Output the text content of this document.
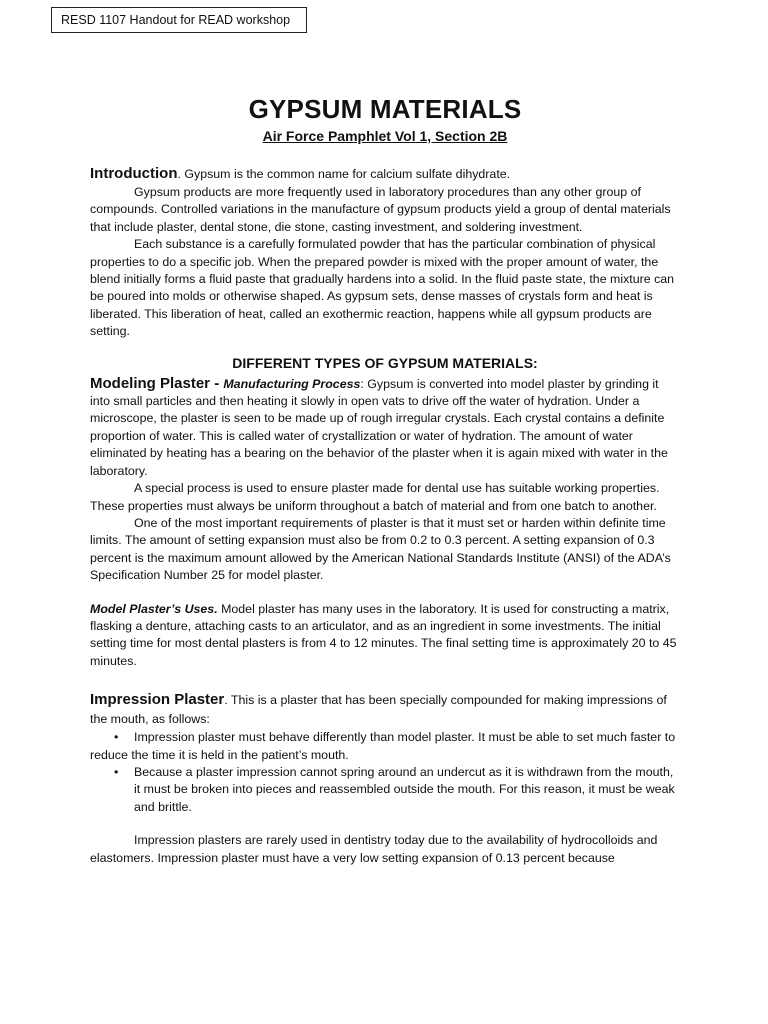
RESD 1107 Handout for READ workshop
GYPSUM MATERIALS
Air Force Pamphlet Vol 1, Section 2B

Introduction. Gypsum is the common name for calcium sulfate dihydrate.

Gypsum products are more frequently used in laboratory procedures than any other group of compounds. Controlled variations in the manufacture of gypsum products yield a group of dental materials that include plaster, dental stone, die stone, casting investment, and soldering investment.

Each substance is a carefully formulated powder that has the particular combination of physical properties to do a specific job. When the prepared powder is mixed with the proper amount of water, the blend initially forms a fluid paste that gradually hardens into a solid. In the fluid paste state, the mixture can be poured into molds or otherwise shaped. As gypsum sets, dense masses of crystals form and heat is liberated. This liberation of heat, called an exothermic reaction, happens while all gypsum products are setting.

DIFFERENT TYPES OF GYPSUM MATERIALS:

Modeling Plaster - Manufacturing Process: Gypsum is converted into model plaster by grinding it into small particles and then heating it slowly in open vats to drive off the water of hydration. Under a microscope, the plaster is seen to be made up of rough irregular crystals. Each crystal contains a definite proportion of water. This is called water of crystallization or water of hydration. The amount of water eliminated by heating has a bearing on the behavior of the plaster when it is again mixed with water in the laboratory.

A special process is used to ensure plaster made for dental use has suitable working properties. These properties must always be uniform throughout a batch of material and from one batch to another.

One of the most important requirements of plaster is that it must set or harden within definite time limits. The amount of setting expansion must also be from 0.2 to 0.3 percent. A setting expansion of 0.3 percent is the maximum amount allowed by the American National Standards Institute (ANSI) of the ADA’s Specification Number 25 for model plaster.

Model Plaster’s Uses. Model plaster has many uses in the laboratory. It is used for constructing a matrix, flasking a denture, attaching casts to an articulator, and as an ingredient in some investments. The initial setting time for most dental plasters is from 4 to 12 minutes. The final setting time is approximately 20 to 45 minutes.

Impression Plaster. This is a plaster that has been specially compounded for making impressions of the mouth, as follows:

• Impression plaster must behave differently than model plaster. It must be able to set much faster to reduce the time it is held in the patient’s mouth.
• Because a plaster impression cannot spring around an undercut as it is withdrawn from the mouth, it must be broken into pieces and reassembled outside the mouth. For this reason, it must be weak and brittle.

Impression plasters are rarely used in dentistry today due to the availability of hydrocolloids and elastomers. Impression plaster must have a very low setting expansion of 0.13 percent because
